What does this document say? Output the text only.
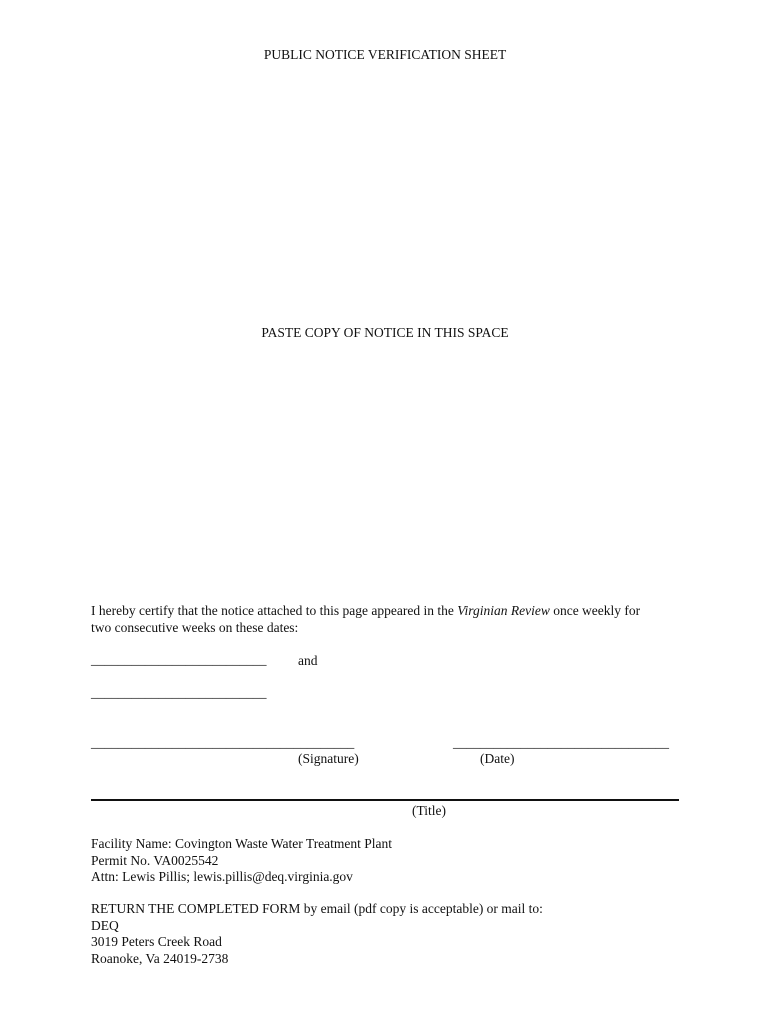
PUBLIC NOTICE VERIFICATION SHEET
PASTE COPY OF NOTICE IN THIS SPACE
I hereby certify that the notice attached to this page appeared in the Virginian Review once weekly for
two consecutive weeks on these dates:
__________________________ and
__________________________
_______________________________________	________________________________
(Signature)	(Date)
(Title)
Facility Name: Covington Waste Water Treatment Plant
Permit No. VA0025542
Attn: Lewis Pillis; lewis.pillis@deq.virginia.gov
RETURN THE COMPLETED FORM by email (pdf copy is acceptable) or mail to:
DEQ
3019 Peters Creek Road
Roanoke, Va 24019-2738
